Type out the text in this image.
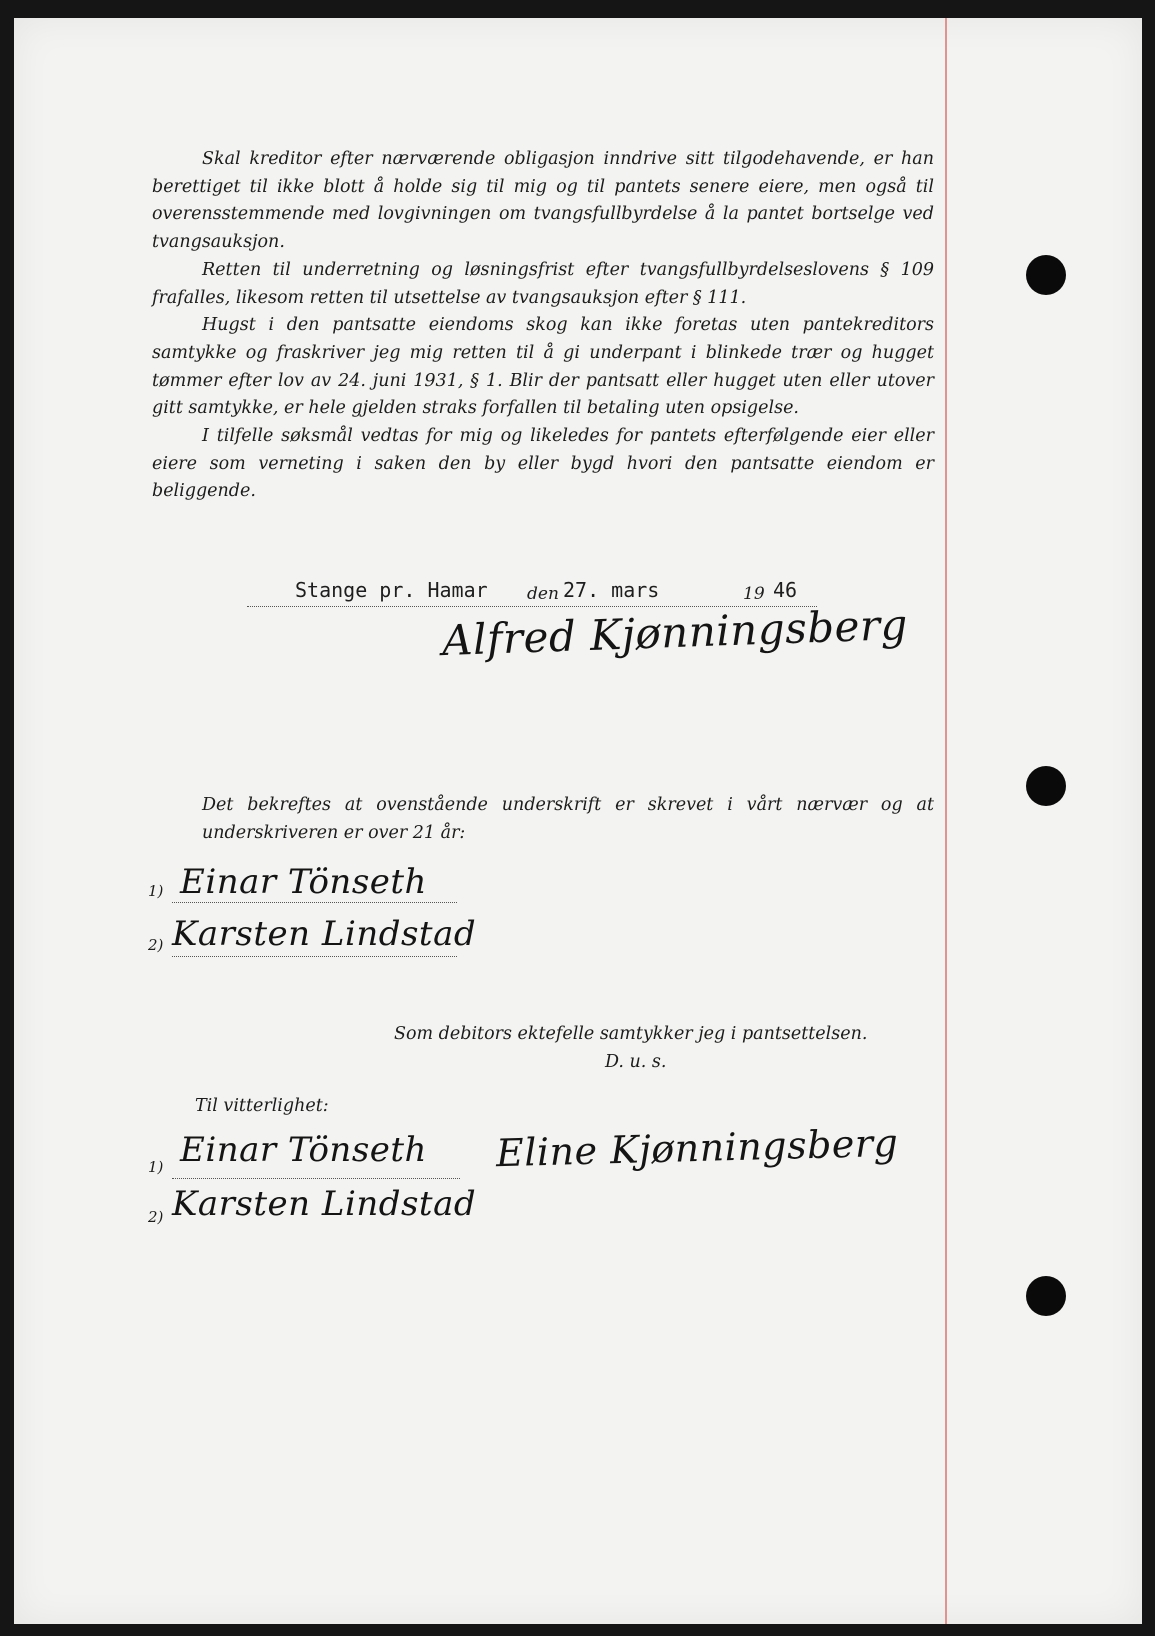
Skal kreditor efter nærværende obligasjon inndrive sitt tilgodehavende, er han berettiget til ikke blott å holde sig til mig og til pantets senere eiere, men også til overensstemmende med lovgivningen om tvangsfullbyrdelse å la pantet bortselge ved tvangsauksjon.

Retten til underretning og løsningsfrist efter tvangsfullbyrdelseslovens § 109 frafalles, likesom retten til utsettelse av tvangsauksjon efter § 111.

Hugst i den pantsatte eiendoms skog kan ikke foretas uten pantekreditors samtykke og fraskriver jeg mig retten til å gi underpant i blinkede trær og hugget tømmer efter lov av 24. juni 1931, § 1. Blir der pantsatt eller hugget uten eller utover gitt samtykke, er hele gjelden straks forfallen til betaling uten opsigelse.

I tilfelle søksmål vedtas for mig og likeledes for pantets efterfølgende eier eller eiere som verneting i saken den by eller bygd hvori den pantsatte eiendom er beliggende.

Stange pr. Hamar den 27. mars	19 46
Alfred Kjønningsberg
Det bekreftes at ovenstående underskrift er skrevet i vårt nærvær og at underskriveren er over 21 år:
1) Einar Tönseth
2) Karsten Lindstad
Som debitors ektefelle samtykker jeg i pantsettelsen.
D. u. s.
Til vitterlighet:
1) Einar Tönseth
2) Karsten Lindstad
Eline Kjønningsberg
